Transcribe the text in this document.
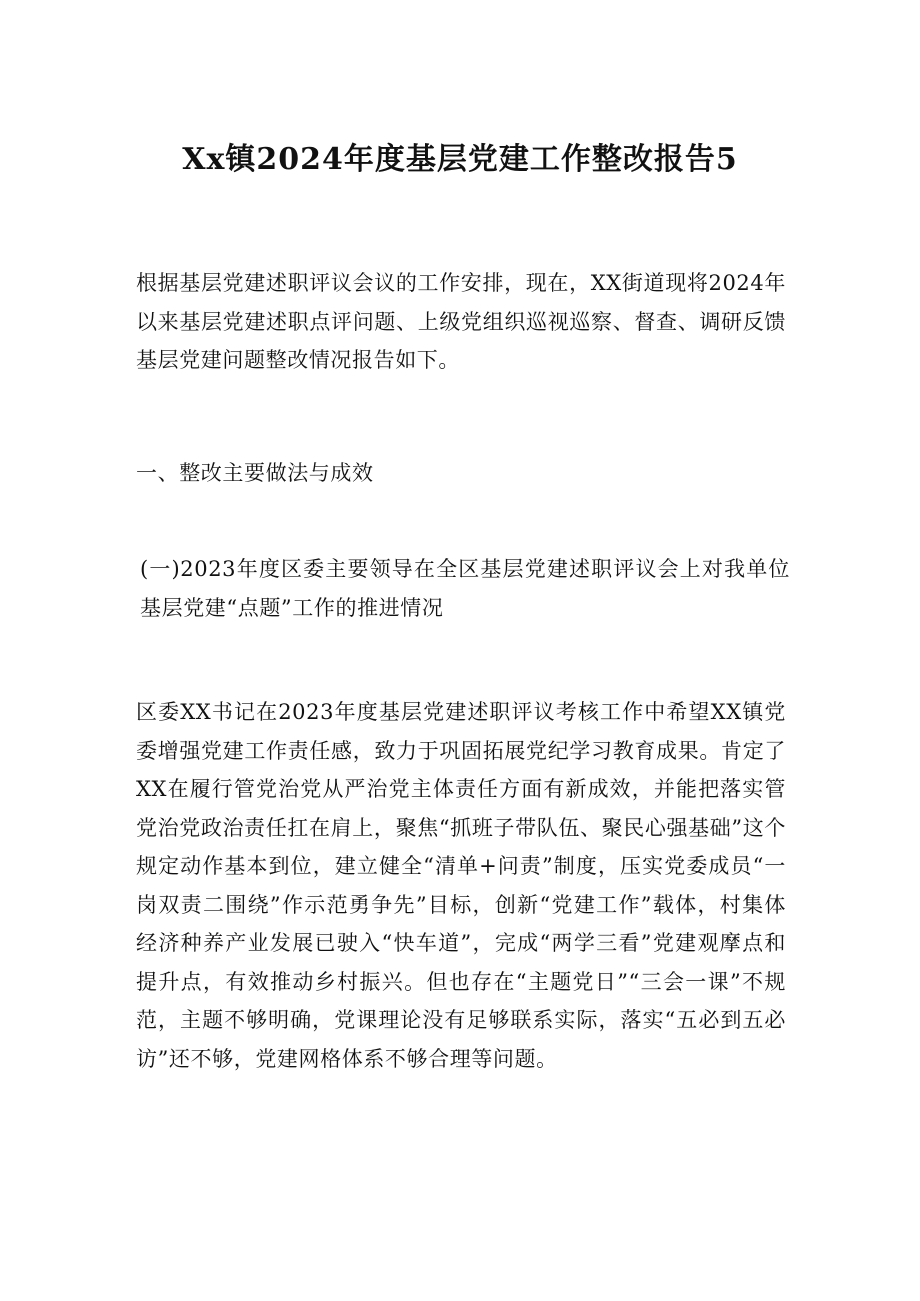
Xx镇2024年度基层党建工作整改报告5

根据基层党建述职评议会议的工作安排，现在，XX街道现将2024年以来基层党建述职点评问题、上级党组织巡视巡察、督查、调研反馈基层党建问题整改情况报告如下。

一、整改主要做法与成效

(一)2023年度区委主要领导在全区基层党建述职评议会上对我单位基层党建“点题”工作的推进情况

区委XX书记在2023年度基层党建述职评议考核工作中希望XX镇党委增强党建工作责任感，致力于巩固拓展党纪学习教育成果。肯定了XX在履行管党治党从严治党主体责任方面有新成效，并能把落实管党治党政治责任扛在肩上，聚焦“抓班子带队伍、聚民心强基础”这个规定动作基本到位，建立健全“清单+问责”制度，压实党委成员“一岗双责二围绕”作示范勇争先”目标，创新“党建工作”载体，村集体经济种养产业发展已驶入“快车道”，完成“两学三看”党建观摩点和提升点，有效推动乡村振兴。但也存在“主题党日”“三会一课”不规范，主题不够明确，党课理论没有足够联系实际，落实“五必到五必访”还不够，党建网格体系不够合理等问题。
